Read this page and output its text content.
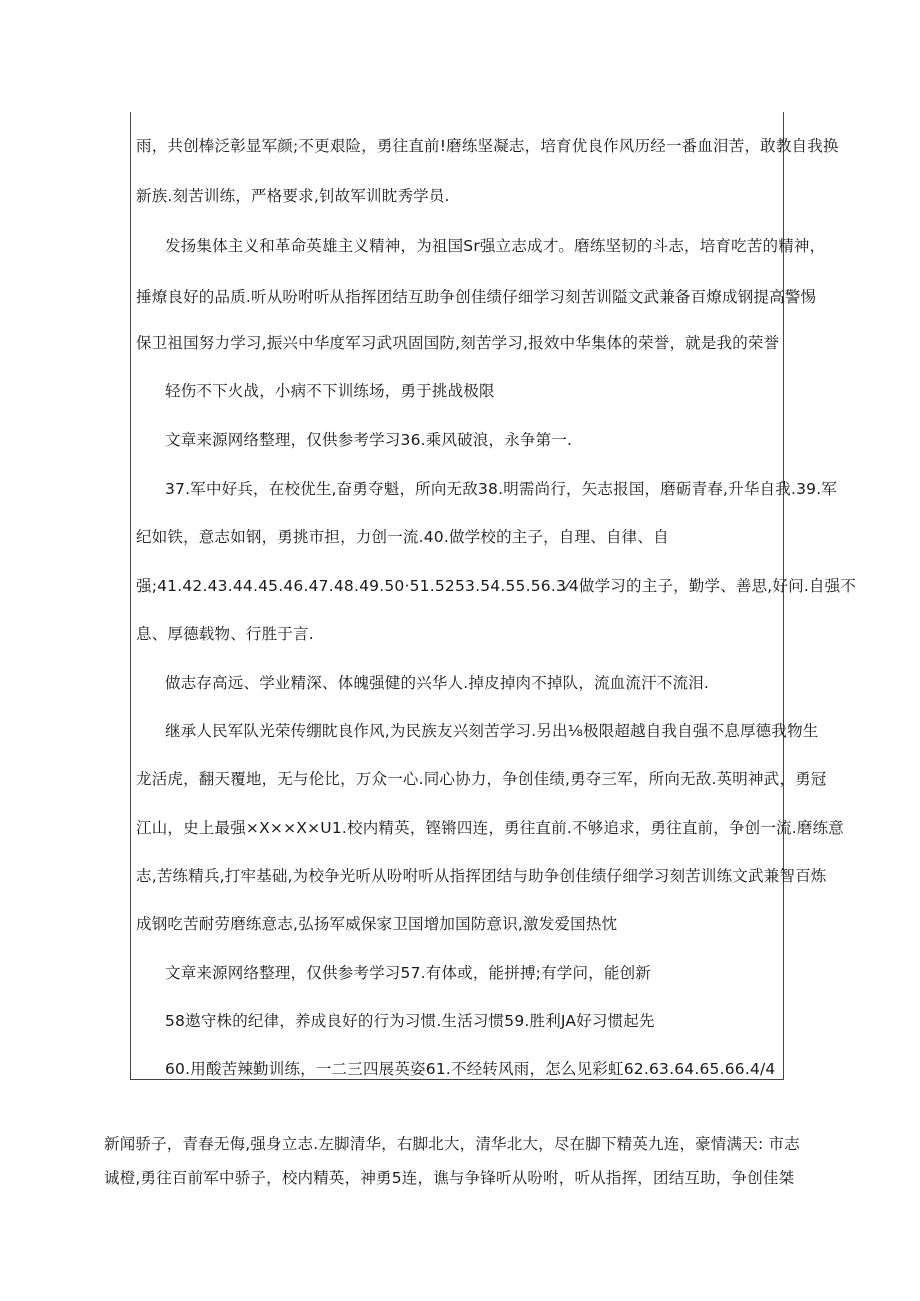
雨，共创棒泛彰显军颜;不更艰险，勇往直前!磨练坚凝志，培育优良作风历经一番血泪苦，敢教自我换
新族.刻苦训练，严格要求,钊故军训眈秀学员.
发扬集体主义和革命英雄主义精神，为祖国Sr强立志成才。磨练坚韧的斗志，培育吃苦的精神，
捶燎良好的品质.听从吩咐听从指挥团结互助争创佳绩仔细学习刻苦训隘文武兼备百燎成钢提高警惕
保卫祖国努力学习,振兴中华度军习武巩固国防,刻苦学习,报效中华集体的荣誉，就是我的荣誉
轻伤不下火战，小病不下训练场，勇于挑战极限
文章来源网络整理，仅供参考学习36.乘风破浪，永争第一.
37.军中好兵，在校优生,奋勇夺魁，所向无敌38.明需尚行，矢志报国，磨砺青春,升华自我.39.军
纪如铁，意志如钢，勇挑市担，力创一流.40.做学校的主子，自理、自律、自
强;41.42.43.44.45.46.47.48.49.50·51.5253.54.55.56.3⁄4做学习的主子，勤学、善思,好问.自强不
息、厚德载物、行胜于言.
做志存高远、学业精深、体魄强健的兴华人.掉皮掉肉不掉队，流血流汗不流泪.
继承人民军队光荣传绷眈良作风,为民族友兴刻苦学习.另出⅛极限超越自我自强不息厚德我物生
龙活虎，翻天覆地，无与伦比，万众一心.同心协力，争创佳绩,勇夺三军，所向无敌.英明神武，勇冠
江山，史上最强×X××X×U1.校内精英，铿锵四连，勇往直前.不够追求，勇往直前，争创一流.磨练意
志,苦练精兵,打牢基础,为校争光听从吩咐听从指挥团结与助争创佳绩仔细学习刻苦训练文武兼智百炼
成钢吃苦耐劳磨练意志,弘扬军威保家卫国增加国防意识,激发爱国热忱
文章来源网络整理，仅供参考学习57.有体或，能拼搏;有学问，能创新
58遨守株的纪律，养成良好的行为习惯.生活习惯59.胜利JA好习惯起先
60.用酸苦辣勤训练，一二三四展英姿61.不经转风雨，怎么见彩虹62.63.64.65.66.4/4
新闻骄子，青春无侮,强身立志.左脚清华，右脚北大，清华北大，尽在脚下精英九连，豪情满天: 市志
诚橙,勇往百前军中骄子，校内精英，神勇5连，谯与争锋听从吩咐，听从指挥，团结互助，争创佳桀
